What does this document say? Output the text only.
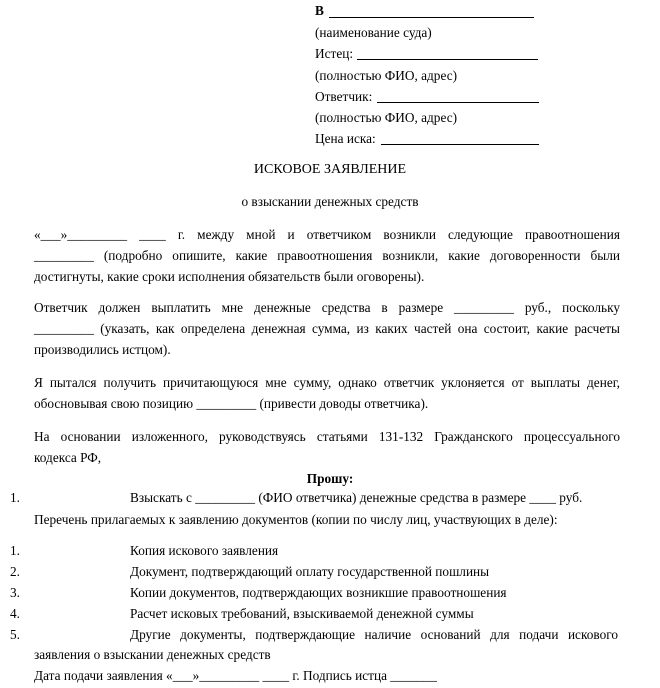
В
(наименование суда)
Истец:
(полностью ФИО, адрес)
Ответчик:
(полностью ФИО, адрес)
Цена иска:
ИСКОВОЕ ЗАЯВЛЕНИЕ
о взыскании денежных средств
«___»_________ ____ г. между мной и ответчиком возникли следующие правоотношения
_________ (подробно опишите, какие правоотношения возникли, какие договоренности были
достигнуты, какие сроки исполнения обязательств были оговорены).
Ответчик должен выплатить мне денежные средства в размере _________ руб., поскольку
_________ (указать, как определена денежная сумма, из каких частей она состоит, какие расчеты
производились истцом).
Я пытался получить причитающуюся мне сумму, однако ответчик уклоняется от выплаты денег,
обосновывая свою позицию _________ (привести доводы ответчика).
На основании изложенного, руководствуясь статьями 131-132 Гражданского процессуального
кодекса РФ,
Прошу:
1.	Взыскать с _________ (ФИО ответчика) денежные средства в размере ____ руб.
Перечень прилагаемых к заявлению документов (копии по числу лиц, участвующих в деле):
1.	Копия искового заявления
2.	Документ, подтверждающий оплату государственной пошлины
3.	Копии документов, подтверждающих возникшие правоотношения
4.	Расчет исковых требований, взыскиваемой денежной суммы
5.	Другие документы, подтверждающие наличие оснований для подачи искового
заявления о взыскании денежных средств
Дата подачи заявления «___»_________ ____ г. Подпись истца _______
